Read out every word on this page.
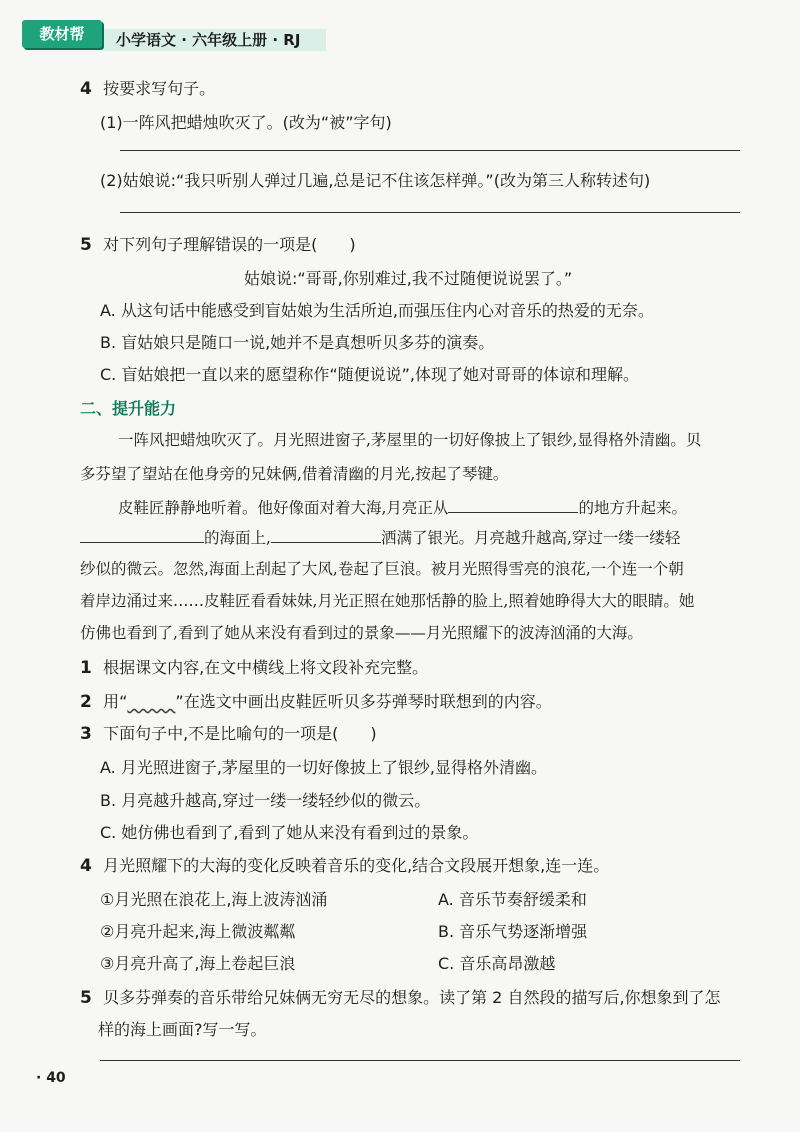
教材帮	小学语文 · 六年级上册 · RJ
4 按要求写句子。
(1)一阵风把蜡烛吹灭了。(改为“被”字句)
(2)姑娘说:“我只听别人弹过几遍,总是记不住该怎样弹。”(改为第三人称转述句)
5 对下列句子理解错误的一项是(　　)
姑娘说:“哥哥,你别难过,我不过随便说说罢了。”
A. 从这句话中能感受到盲姑娘为生活所迫,而强压住内心对音乐的热爱的无奈。
B. 盲姑娘只是随口一说,她并不是真想听贝多芬的演奏。
C. 盲姑娘把一直以来的愿望称作“随便说说”,体现了她对哥哥的体谅和理解。
二、提升能力
一阵风把蜡烛吹灭了。月光照进窗子,茅屋里的一切好像披上了银纱,显得格外清幽。贝
多芬望了望站在他身旁的兄妹俩,借着清幽的月光,按起了琴键。
皮鞋匠静静地听着。他好像面对着大海,月亮正从	的地方升起来。
的海面上,	洒满了银光。月亮越升越高,穿过一缕一缕轻
纱似的微云。忽然,海面上刮起了大风,卷起了巨浪。被月光照得雪亮的浪花,一个连一个朝
着岸边涌过来……皮鞋匠看看妹妹,月光正照在她那恬静的脸上,照着她睁得大大的眼睛。她
仿佛也看到了,看到了她从来没有看到过的景象——月光照耀下的波涛汹涌的大海。
1 根据课文内容,在文中横线上将文段补充完整。
2 用“～～～”在选文中画出皮鞋匠听贝多芬弹琴时联想到的内容。
3 下面句子中,不是比喻句的一项是(　　)
A. 月光照进窗子,茅屋里的一切好像披上了银纱,显得格外清幽。
B. 月亮越升越高,穿过一缕一缕轻纱似的微云。
C. 她仿佛也看到了,看到了她从来没有看到过的景象。
4 月光照耀下的大海的变化反映着音乐的变化,结合文段展开想象,连一连。
①月光照在浪花上,海上波涛汹涌	A. 音乐节奏舒缓柔和
②月亮升起来,海上微波粼粼	B. 音乐气势逐渐增强
③月亮升高了,海上卷起巨浪	C. 音乐高昂激越
5 贝多芬弹奏的音乐带给兄妹俩无穷无尽的想象。读了第 2 自然段的描写后,你想象到了怎
样的海上画面?写一写。
· 40
